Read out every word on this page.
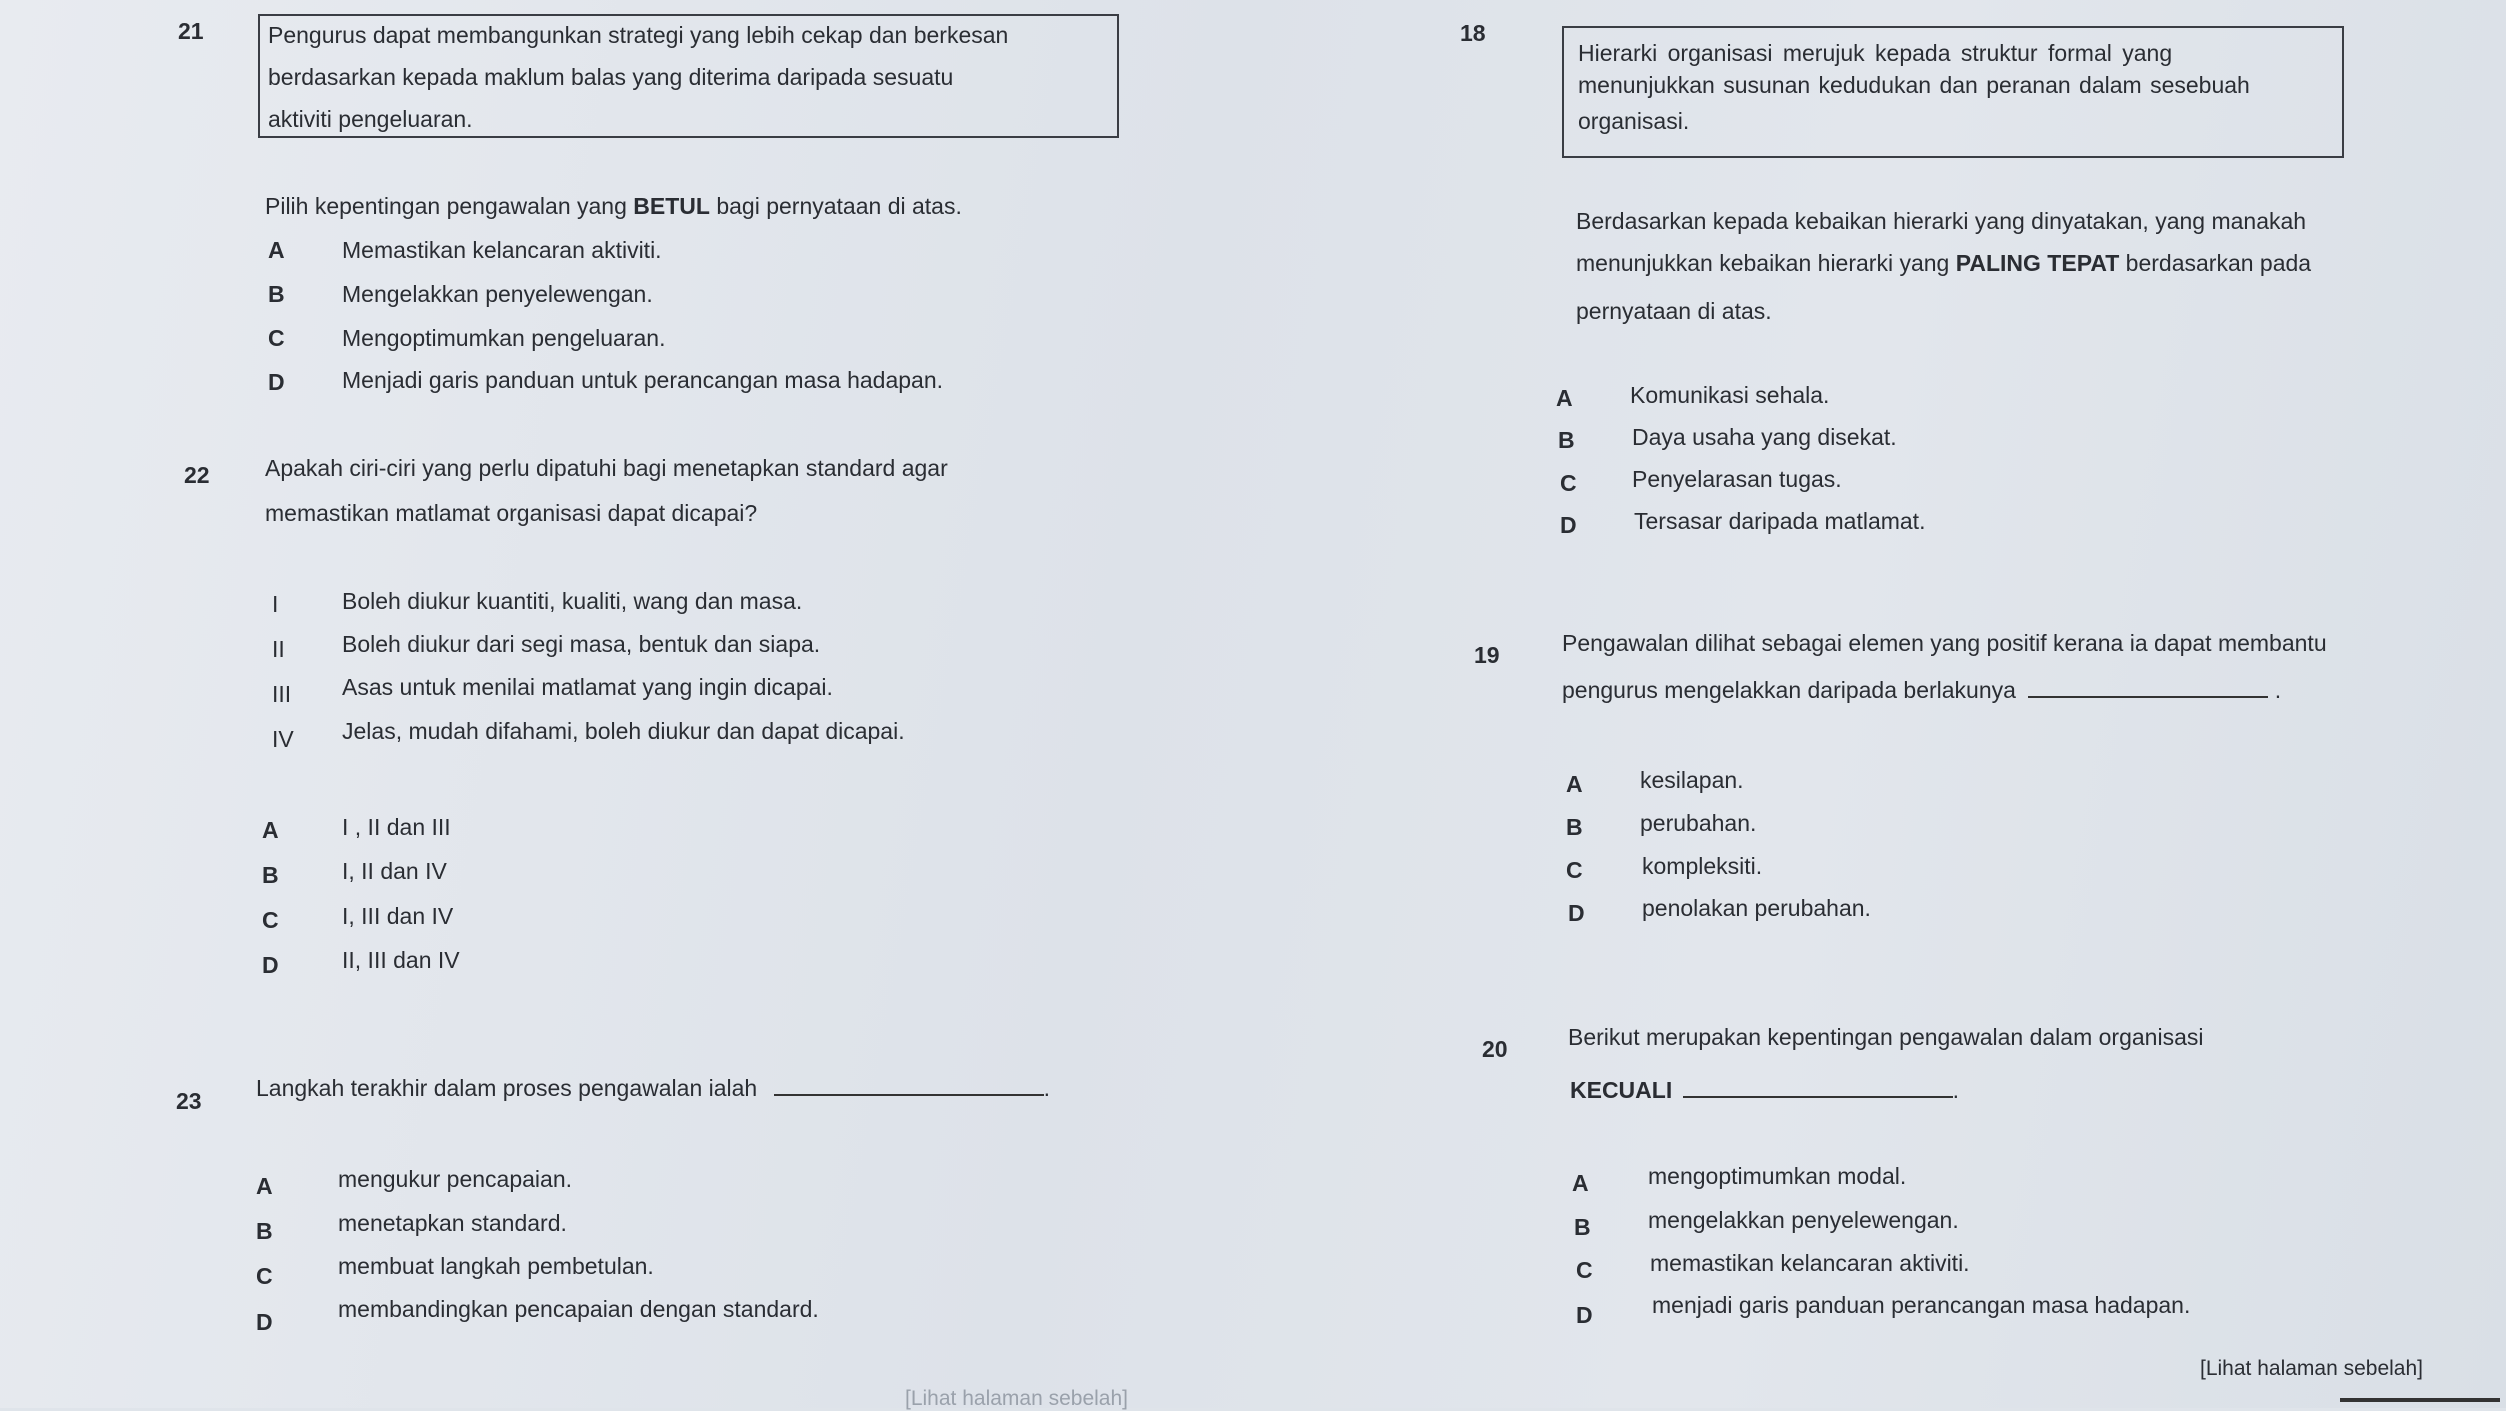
21	Pengurus dapat membangunkan strategi yang lebih cekap dan berkesan
berdasarkan kepada maklum balas yang diterima daripada sesuatu
aktiviti pengeluaran.
Pilih kepentingan pengawalan yang BETUL bagi pernyataan di atas.
A Memastikan kelancaran aktiviti.
B Mengelakkan penyelewengan.
C Mengoptimumkan pengeluaran.
D Menjadi garis panduan untuk perancangan masa hadapan.
22 Apakah ciri-ciri yang perlu dipatuhi bagi menetapkan standard agar
memastikan matlamat organisasi dapat dicapai?
I	Boleh diukur kuantiti, kualiti, wang dan masa.
II Boleh diukur dari segi masa, bentuk dan siapa.
III Asas untuk menilai matlamat yang ingin dicapai.
IV Jelas, mudah difahami, boleh diukur dan dapat dicapai.
A	I , II dan III
B	I, II dan IV
C	I, III dan IV
D	II, III dan IV
23 Langkah terakhir dalam proses pengawalan ialah	.
A	mengukur pencapaian.
B	menetapkan standard.
C	membuat langkah pembetulan.
D	membandingkan pencapaian dengan standard.
18
Hierarki organisasi merujuk kepada struktur formal yang
menunjukkan susunan kedudukan dan peranan dalam sesebuah
organisasi.
Berdasarkan kepada kebaikan hierarki yang dinyatakan, yang manakah
menunjukkan kebaikan hierarki yang PALING TEPAT berdasarkan pada
pernyataan di atas.
A Komunikasi sehala.
B Daya usaha yang disekat.
C Penyelarasan tugas.
D Tersasar daripada matlamat.
19	Pengawalan dilihat sebagai elemen yang positif kerana ia dapat membantu
pengurus mengelakkan daripada berlakunya	.
A kesilapan.
B perubahan.
C	kompleksiti.
D penolakan perubahan.
20	Berikut merupakan kepentingan pengawalan dalam organisasi
KECUALI	.
A	mengoptimumkan modal.
B mengelakkan penyelewengan.
C memastikan kelancaran aktiviti.
D	menjadi garis panduan perancangan masa hadapan.
[Lihat halaman sebelah]
[Lihat halaman sebelah]
